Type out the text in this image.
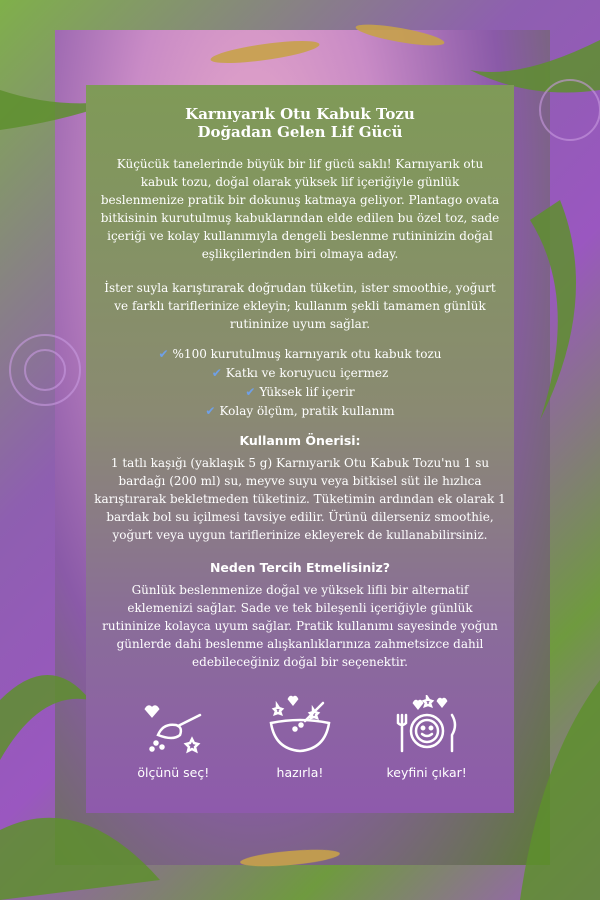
Karnıyarık Otu Kabuk Tozu
Doğadan Gelen Lif Gücü

Küçücük tanelerinde büyük bir lif gücü saklı! Karnıyarık otu kabuk tozu, doğal olarak yüksek lif içeriğiyle günlük beslenmenize pratik bir dokunuş katmaya geliyor. Plantago ovata bitkisinin kurutulmuş kabuklarından elde edilen bu özel toz, sade içeriği ve kolay kullanımıyla dengeli beslenme rutininizin doğal eşlikçilerinden biri olmaya aday.

İster suyla karıştırarak doğrudan tüketin, ister smoothie, yoğurt ve farklı tariflerinize ekleyin; kullanım şekli tamamen günlük rutininize uyum sağlar.

✔ %100 kurutulmuş karnıyarık otu kabuk tozu
✔ Katkı ve koruyucu içermez
✔ Yüksek lif içerir
✔ Kolay ölçüm, pratik kullanım
Kullanım Önerisi:

1 tatlı kaşığı (yaklaşık 5 g) Karnıyarık Otu Kabuk Tozu'nu 1 su bardağı (200 ml) su, meyve suyu veya bitkisel süt ile hızlıca karıştırarak bekletmeden tüketiniz. Tüketimin ardından ek olarak 1 bardak bol su içilmesi tavsiye edilir. Ürünü dilerseniz smoothie, yoğurt veya uygun tariflerinize ekleyerek de kullanabilirsiniz.

Neden Tercih Etmelisiniz?

Günlük beslenmenize doğal ve yüksek lifli bir alternatif eklemenizi sağlar. Sade ve tek bileşenli içeriğiyle günlük rutininize kolayca uyum sağlar. Pratik kullanımı sayesinde yoğun günlerde dahi beslenme alışkanlıklarınıza zahmetsizce dahil edebileceğiniz doğal bir seçenektir.

ölçünü seç!	hazırla!	keyfini çıkar!
